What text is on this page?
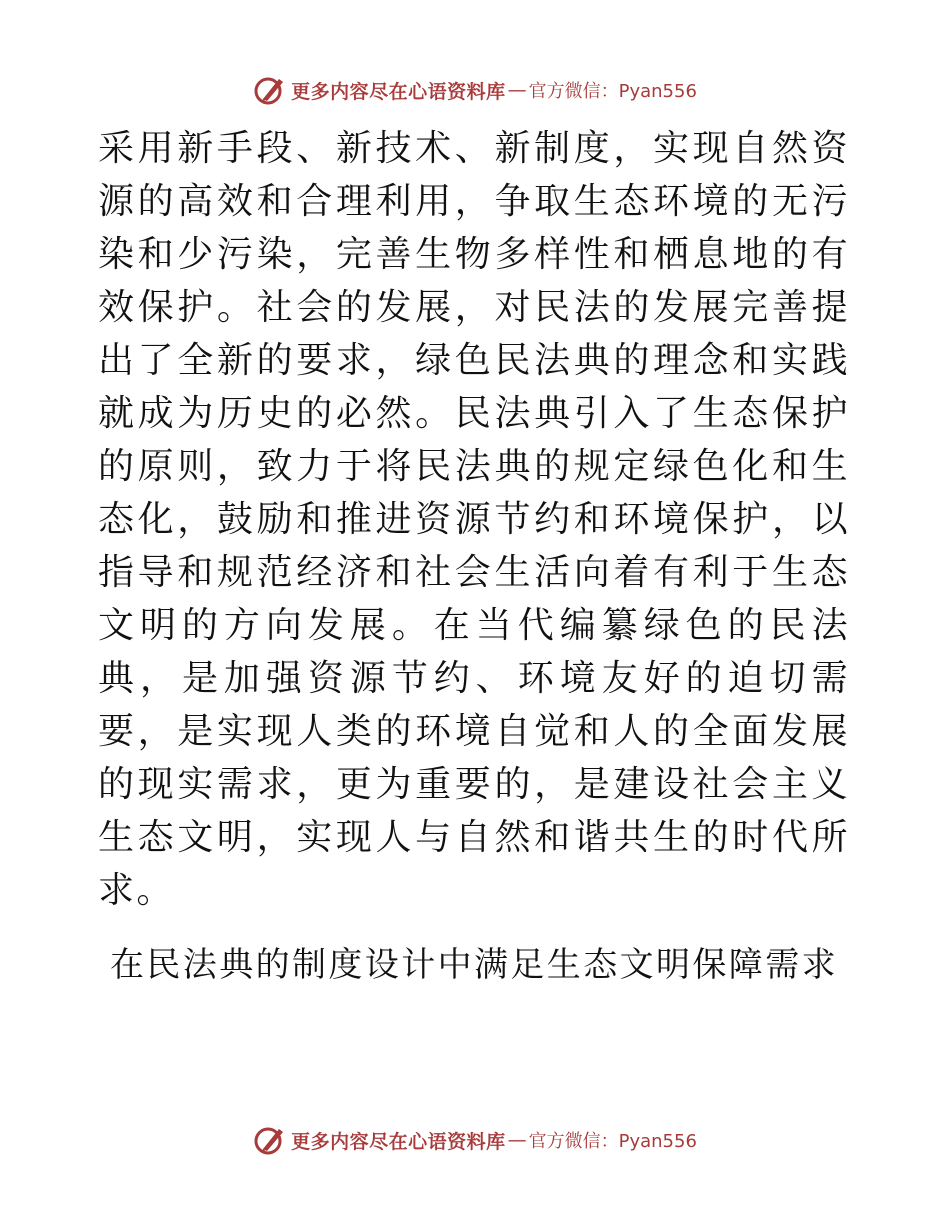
更多内容尽在心语资料库 — 官方微信：Pyan556

采用新手段、新技术、新制度，实现自然资源的高效和合理利用，争取生态环境的无污染和少污染，完善生物多样性和栖息地的有效保护。社会的发展，对民法的发展完善提出了全新的要求，绿色民法典的理念和实践就成为历史的必然。民法典引入了生态保护的原则，致力于将民法典的规定绿色化和生态化，鼓励和推进资源节约和环境保护，以指导和规范经济和社会生活向着有利于生态文明的方向发展。在当代编纂绿色的民法典，是加强资源节约、环境友好的迫切需要，是实现人类的环境自觉和人的全面发展的现实需求，更为重要的，是建设社会主义生态文明，实现人与自然和谐共生的时代所求。

在民法典的制度设计中满足生态文明保障需求
更多内容尽在心语资料库 — 官方微信：Pyan556
